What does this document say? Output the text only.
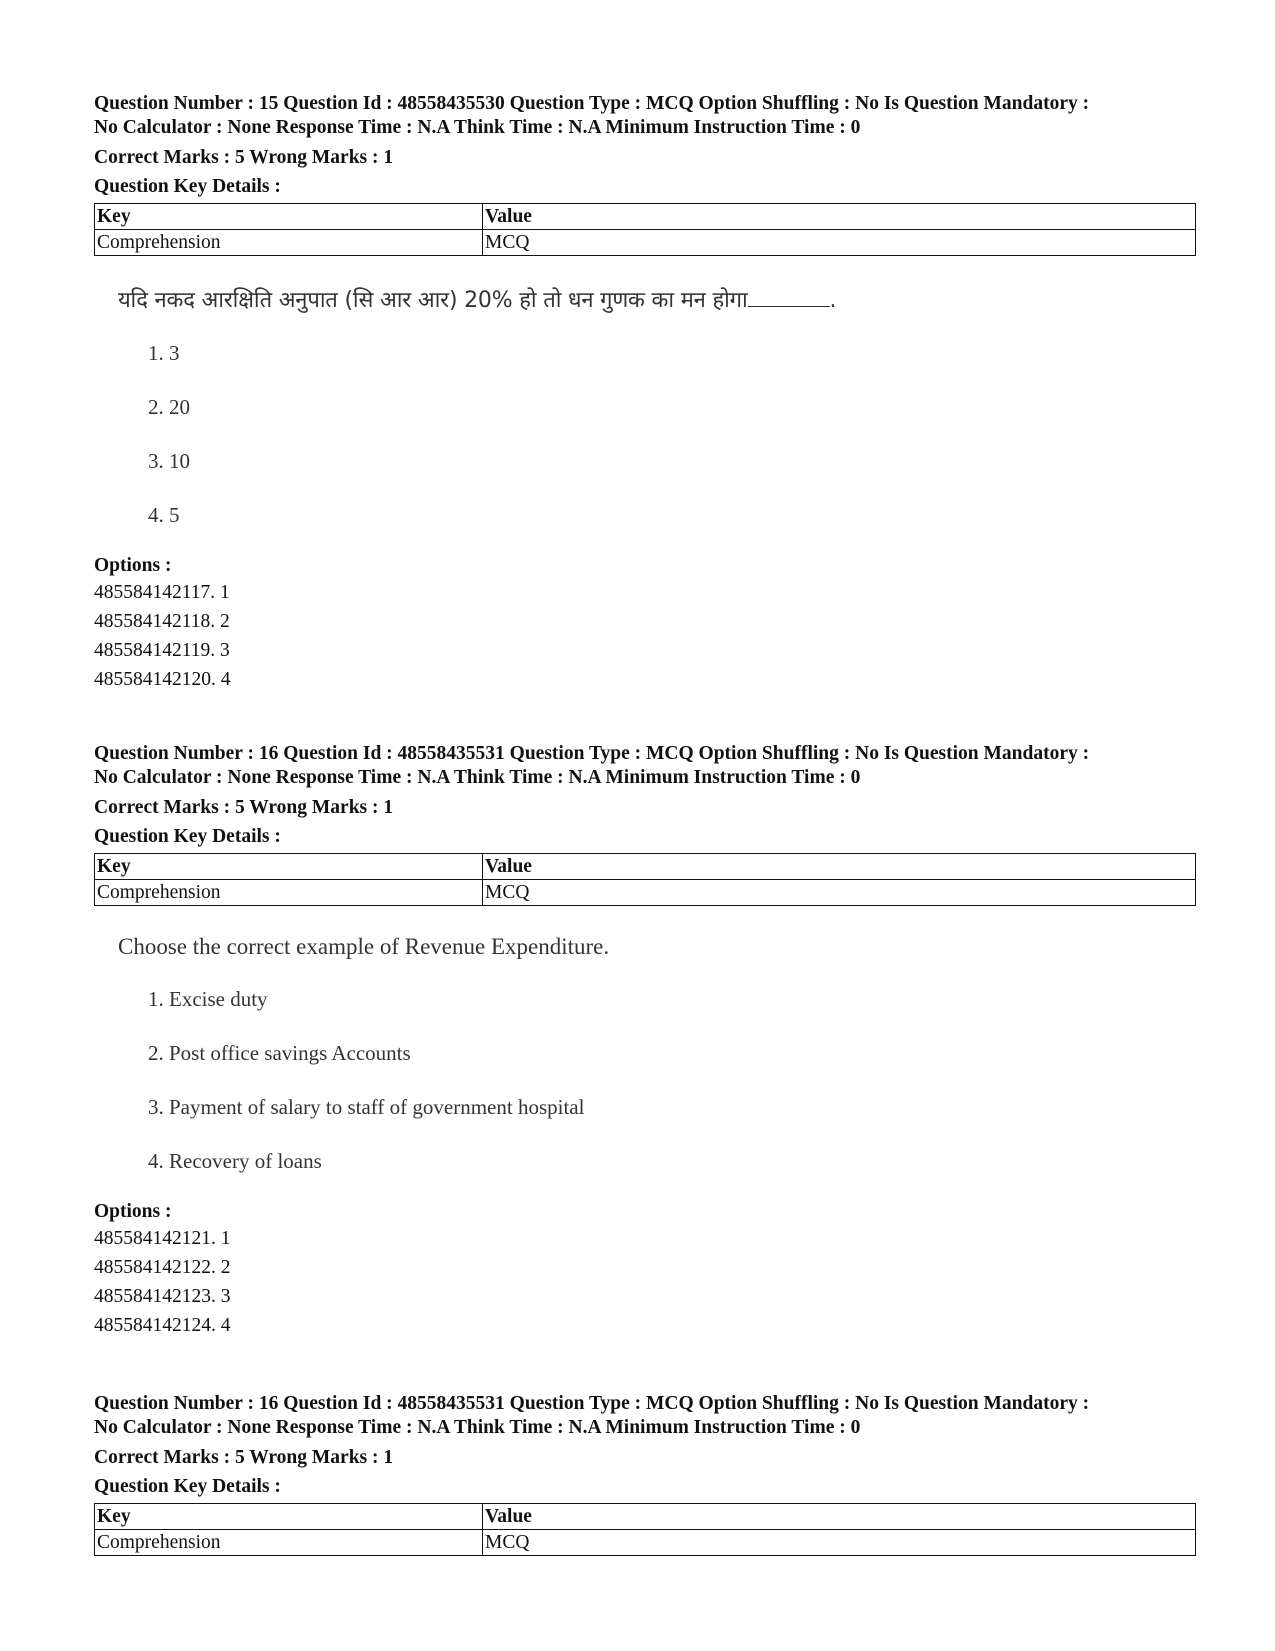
Question Number : 15 Question Id : 48558435530 Question Type : MCQ Option Shuffling : No Is Question Mandatory :
No Calculator : None Response Time : N.A Think Time : N.A Minimum Instruction Time : 0
Correct Marks : 5 Wrong Marks : 1
Question Key Details :
Key	Value
Comprehension	MCQ
यदि नकद आरक्षिति अनुपात (सि आर आर) 20% हो तो धन गुणक का मन होगा	.
1. 3
2. 20
3. 10
4. 5
Options :
485584142117. 1
485584142118. 2
485584142119. 3
485584142120. 4
Question Number : 16 Question Id : 48558435531 Question Type : MCQ Option Shuffling : No Is Question Mandatory :
No Calculator : None Response Time : N.A Think Time : N.A Minimum Instruction Time : 0
Correct Marks : 5 Wrong Marks : 1
Question Key Details :
Key	Value
Comprehension	MCQ
Choose the correct example of Revenue Expenditure.
1. Excise duty
2. Post office savings Accounts
3. Payment of salary to staff of government hospital
4. Recovery of loans
Options :
485584142121. 1
485584142122. 2
485584142123. 3
485584142124. 4
Question Number : 16 Question Id : 48558435531 Question Type : MCQ Option Shuffling : No Is Question Mandatory :
No Calculator : None Response Time : N.A Think Time : N.A Minimum Instruction Time : 0
Correct Marks : 5 Wrong Marks : 1
Question Key Details :
Key	Value
Comprehension	MCQ
